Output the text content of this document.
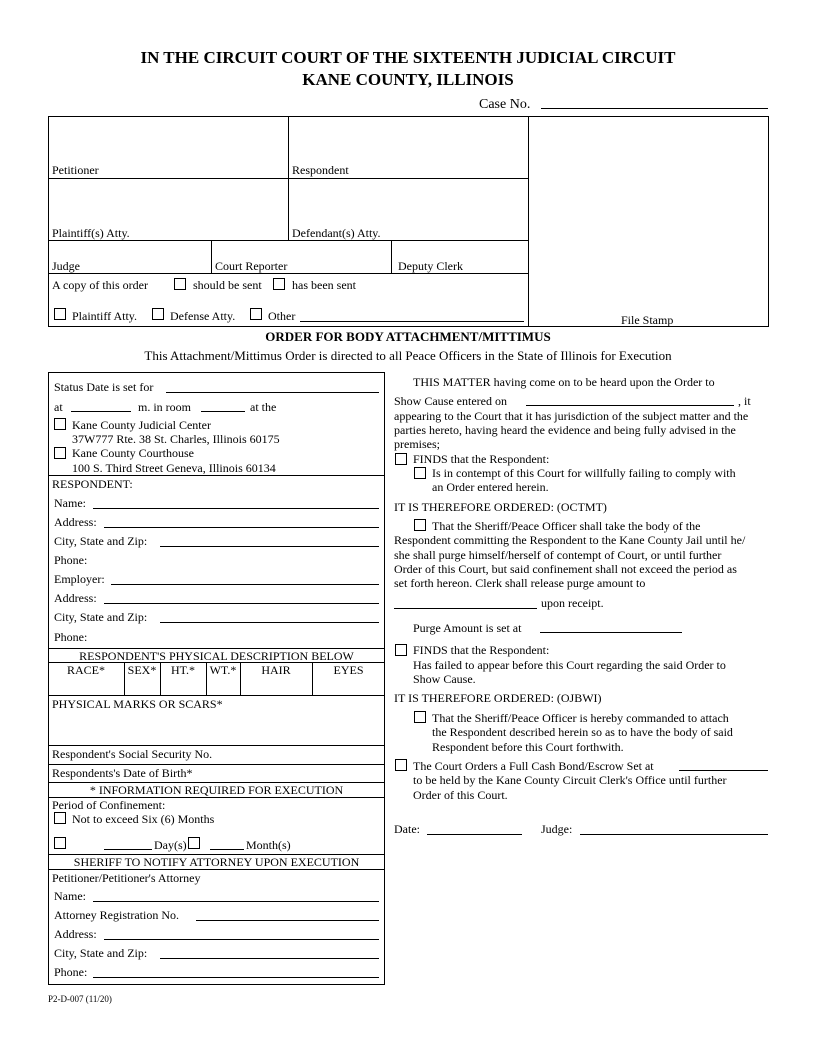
IN THE CIRCUIT COURT OF THE SIXTEENTH JUDICIAL CIRCUIT
KANE COUNTY, ILLINOIS
Case No.
Petitioner	Respondent
Plaintiff(s) Atty.	Defendant(s) Atty.
Judge	Court Reporter	Deputy Clerk
A copy of this order	should be sent	has been sent
Plaintiff Atty.	Defense Atty.	Other	File Stamp
ORDER FOR BODY ATTACHMENT/MITTIMUS
This Attachment/Mittimus Order is directed to all Peace Officers in the State of Illinois for Execution
Status Date is set for
at	m. in room	at the
Kane County Judicial Center
37W777 Rte. 38 St. Charles, Illinois 60175
Kane County Courthouse
100 S. Third Street Geneva, Illinois 60134
RESPONDENT:
Name:
Address:
City, State and Zip:
Phone:
Employer:
Address:
City, State and Zip:
Phone:
RESPONDENT'S PHYSICAL DESCRIPTION BELOW
RACE*	SEX*	HT.*	WT.*	HAIR	EYES
PHYSICAL MARKS OR SCARS*
Respondent's Social Security No.
Respondents's Date of Birth*
* INFORMATION REQUIRED FOR EXECUTION
Period of Confinement:
Not to exceed Six (6) Months
Day(s)	Month(s)
SHERIFF TO NOTIFY ATTORNEY UPON EXECUTION
Petitioner/Petitioner's Attorney
Name:
Attorney Registration No.
Address:
City, State and Zip:
Phone:
THIS MATTER having come on to be heard upon the Order to
Show Cause entered on	, it
appearing to the Court that it has jurisdiction of the subject matter and the
parties hereto, having heard the evidence and being fully advised in the
premises;
FINDS that the Respondent:
Is in contempt of this Court for willfully failing to comply with
an Order entered herein.
IT IS THEREFORE ORDERED: (OCTMT)
That the Sheriff/Peace Officer shall take the body of the
Respondent committing the Respondent to the Kane County Jail until he/
she shall purge himself/herself of contempt of Court, or until further
Order of this Court, but said confinement shall not exceed the period as
set forth hereon. Clerk shall release purge amount to
upon receipt.
Purge Amount is set at
FINDS that the Respondent:
Has failed to appear before this Court regarding the said Order to
Show Cause.
IT IS THEREFORE ORDERED: (OJBWI)
That the Sheriff/Peace Officer is hereby commanded to attach
the Respondent described herein so as to have the body of said
Respondent before this Court forthwith.
The Court Orders a Full Cash Bond/Escrow Set at
to be held by the Kane County Circuit Clerk's Office until further
Order of this Court.
Date:	Judge:
P2-D-007 (11/20)
